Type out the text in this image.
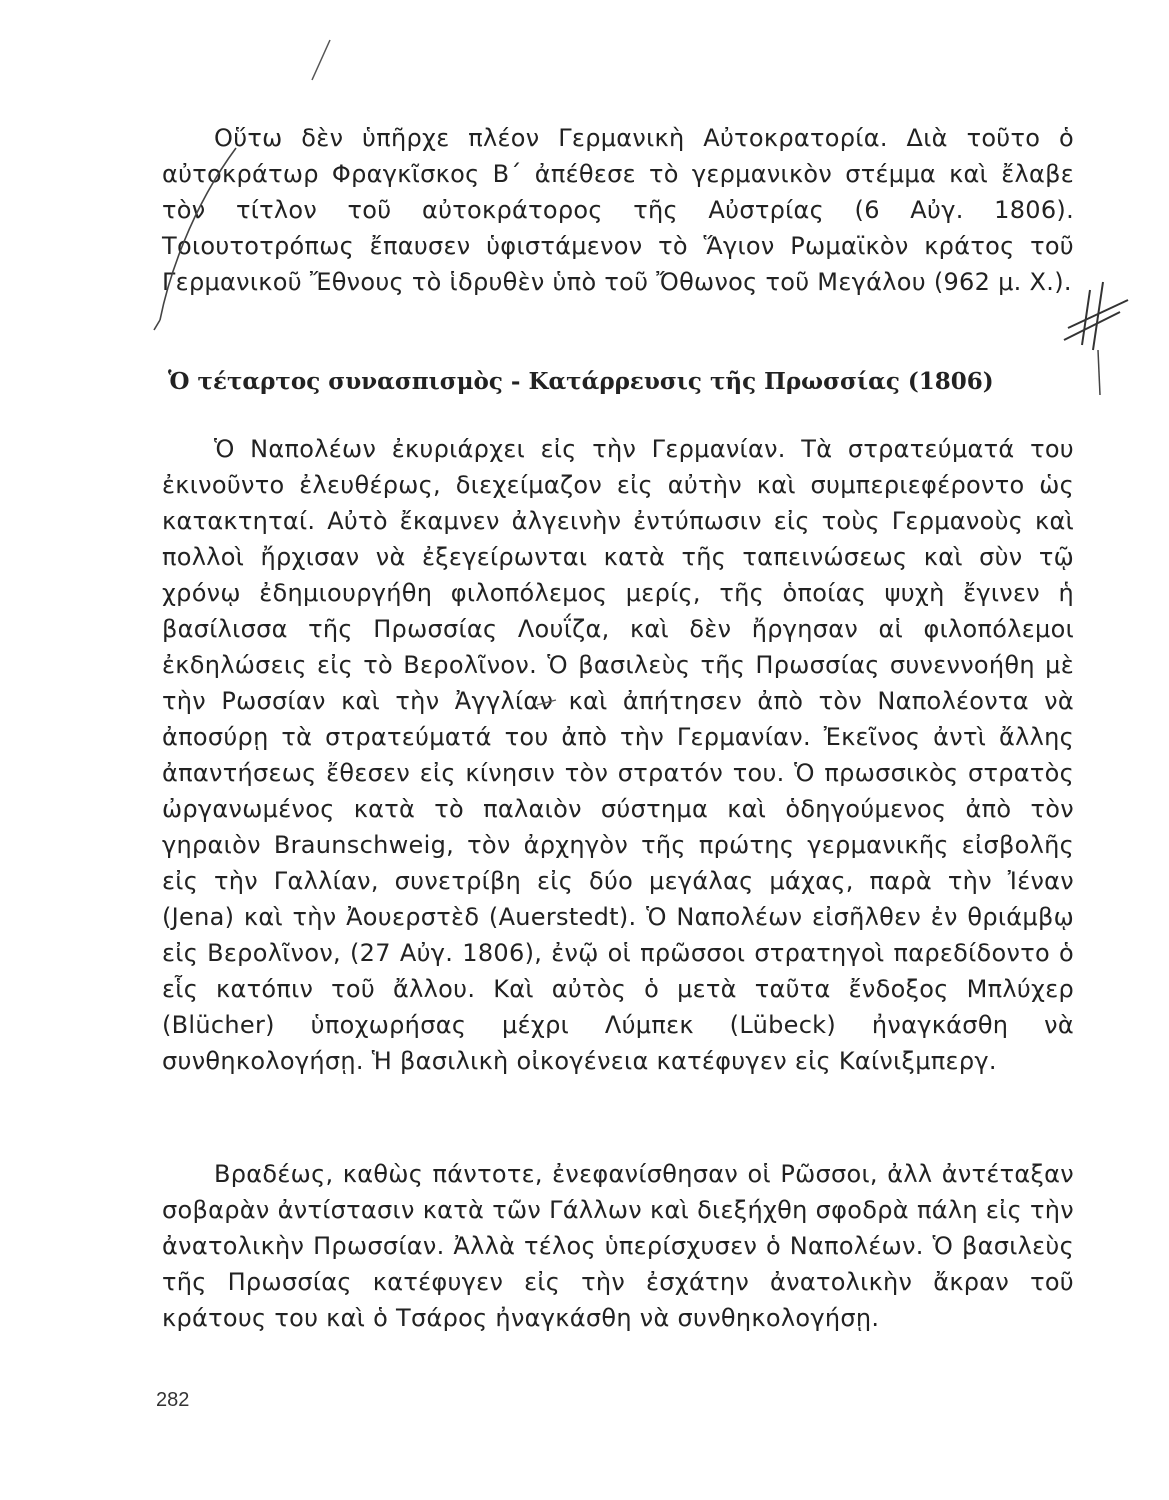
Οὕτω δὲν ὑπῆρχε πλέον Γερμανικὴ Αὐτοκρατορία. Διὰ τοῦτο ὁ αὐτοκράτωρ Φραγκῖσκος Β΄ ἀπέθεσε τὸ γερμανικὸν στέμμα καὶ ἔλαβε τὸν τίτλον τοῦ αὐτοκράτορος τῆς Αὐστρίας (6 Αὐγ. 1806). Τοιουτοτρόπως ἔπαυσεν ὑφιστάμενον τὸ Ἅγιον Ρωμαϊκὸν κράτος τοῦ Γερμανικοῦ Ἔθνους τὸ ἱδρυθὲν ὑπὸ τοῦ Ὄθωνος τοῦ Μεγάλου (962 μ. Χ.).

Ὁ τέταρτος συνασπισμὸς - Κατάρρευσις τῆς Πρωσσίας (1806)

Ὁ Ναπολέων ἐκυριάρχει εἰς τὴν Γερμανίαν. Τὰ στρατεύματά του ἐκινοῦντο ἐλευθέρως, διεχείμαζον εἰς αὐτὴν καὶ συμπεριεφέροντο ὡς κατακτηταί. Αὐτὸ ἔκαμνεν ἀλγεινὴν ἐντύπωσιν εἰς τοὺς Γερμανοὺς καὶ πολλοὶ ἤρχισαν νὰ ἐξεγείρωνται κατὰ τῆς ταπεινώσεως καὶ σὺν τῷ χρόνῳ ἐδημιουργήθη φιλοπόλεμος μερίς, τῆς ὁποίας ψυχὴ ἔγινεν ἡ βασίλισσα τῆς Πρωσσίας Λουΐζα, καὶ δὲν ἤργησαν αἱ φιλοπόλεμοι ἐκδηλώσεις εἰς τὸ Βερολῖνον. Ὁ βασιλεὺς τῆς Πρωσσίας συνεννοήθη μὲ τὴν Ρωσσίαν καὶ τὴν Ἀγγλίαν καὶ ἀπήτησεν ἀπὸ τὸν Ναπολέοντα νὰ ἀποσύρῃ τὰ στρατεύματά του ἀπὸ τὴν Γερμανίαν. Ἐκεῖνος ἀντὶ ἄλλης ἀπαντήσεως ἔθεσεν εἰς κίνησιν τὸν στρατόν του. Ὁ πρωσσικὸς στρατὸς ὠργανωμένος κατὰ τὸ παλαιὸν σύστημα καὶ ὁδηγούμενος ἀπὸ τὸν γηραιὸν Braunschweig, τὸν ἀρχηγὸν τῆς πρώτης γερμανικῆς εἰσβολῆς εἰς τὴν Γαλλίαν, συνετρίβη εἰς δύο μεγάλας μάχας, παρὰ τὴν Ἰέναν (Jena) καὶ τὴν Ἀουερστὲδ (Auerstedt). Ὁ Ναπολέων εἰσῆλθεν ἐν θριάμβῳ εἰς Βερολῖνον, (27 Αὐγ. 1806), ἐνῷ οἱ πρῶσσοι στρατηγοὶ παρεδίδοντο ὁ εἷς κατόπιν τοῦ ἄλλου. Καὶ αὐτὸς ὁ μετὰ ταῦτα ἔνδοξος Μπλύχερ (Blücher) ὑποχωρήσας μέχρι Λύμπεκ (Lübeck) ἠναγκάσθη νὰ συνθηκολογήσῃ. Ἡ βασιλικὴ οἰκογένεια κατέφυγεν εἰς Καίνιξμπεργ.

Βραδέως, καθὼς πάντοτε, ἐνεφανίσθησαν οἱ Ρῶσσοι, ἀλλ ἀντέταξαν σοβαρὰν ἀντίστασιν κατὰ τῶν Γάλλων καὶ διεξήχθη σφοδρὰ πάλη εἰς τὴν ἀνατολικὴν Πρωσσίαν. Ἀλλὰ τέλος ὑπερίσχυσεν ὁ Ναπολέων. Ὁ βασιλεὺς τῆς Πρωσσίας κατέφυγεν εἰς τὴν ἐσχάτην ἀνατολικὴν ἄκραν τοῦ κράτους του καὶ ὁ Τσάρος ἠναγκάσθη νὰ συνθηκολογήσῃ.

282
